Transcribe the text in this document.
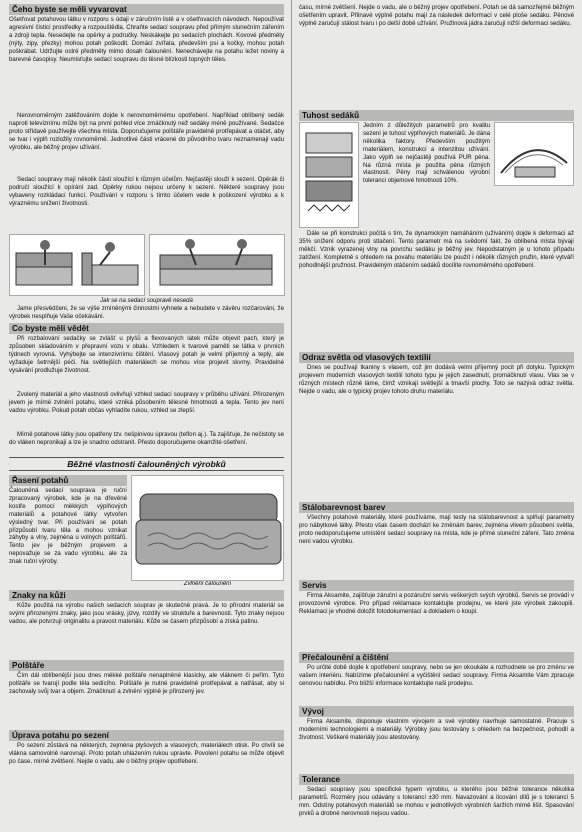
Čeho byste se měli vyvarovat

Ošetřovat potahovou látku v rozporu s údaji v záručním listě a v ošetřovacích návodech. Nepoužívat agresivní čisticí prostředky a rozpouštědla. Chraňte sedací soupravu před přímým slunečním zářením a zdroji tepla. Nesedejte na opěrky a područky. Neskákejte po sedacích plochách. Kovové předměty (nýty, zipy, přezky) mohou potah poškodit. Domácí zvířata, především psi a kočky, mohou potah poškrábat. Udržujte ostré předměty mimo dosah čalounění. Nenechávejte na potahu ležet noviny a barevné časopisy. Neumisťujte sedací soupravu do těsné blízkosti topných těles.

Nerovnoměrným zatěžováním dojde k nerovnoměrnému opotřebení. Například oblíbený sedák naproti televiznímu může být na první pohled více zmáčknutý než sedáky méně používané. Sedačce proto střídavě používejte všechna místa. Doporučujeme polštáře pravidelně protřepávat a otáčet, aby se tvar i výplň rozložily rovnoměrně. Jednotlivé části vrácené do původního tvaru neznamenají vadu výrobku, ale běžný projev užívání.

Sedací soupravy mají několik částí sloužící k různým účelům. Nejčastěji slouží k sezení. Opěrák či područí sloužící k opírání zad. Opěrky rukou nejsou určeny k sezení. Některé soupravy jsou vybaveny rozkládací funkcí. Používání v rozporu s tímto účelem vede k poškození výrobku a k výraznému snížení životnosti.

Jak se na sedací soupravě nesedá

Jame přesvědčeni, že se výše zmíněnými činnostmi vyhnete a nebudete v závěru rozčarováni, že výrobek nesplňuje Vaše očekávání.

Co byste měli vědět

Při rozbalování sedačky se zvlášť u plyšů a flexovaných látek může objevit pach, který je způsoben skladováním v přepravní vozu v obalu. Vzhledem k tvarové paměti se látka v prvních týdnech vyrovná. Vyhýbejte se intenzivnímu čištění. Vlasový potah je velmi příjemný a teplý, ale vyžaduje šetrnější péči. Na světlejších materiálech se mohou více projevit skvrny. Pravidelné vysávání prodlužuje životnost.

Zvolený materiál a jeho vlastnosti ovlivňují vzhled sedací soupravy v průběhu užívání. Přirozeným jevem je mírné zvlnění potahu, které vzniká působením tělesné hmotnosti a tepla. Tento jev není vadou výrobku. Pokud potah občas vyhladíte rukou, vzhled se zlepší.

Mírně potahové látky jsou opatřeny tzv. nešpinivou úpravou (teflon aj.). Ta zajišťuje, že nečistoty se do vláken nepronikají a lze je snadno odstranit. Přesto doporučujeme okamžité ošetření.

Běžné vlastnosti čalouněných výrobků
Řasení potahů

Čalouněná sedací souprava je ruční zpracovaný výrobek, kde je na dřevěné kostře pomocí měkkých výplňových materiálů a potahové látky vytvořen výsledný tvar. Při používání se potah přizpůsobí tvaru těla a mohou vznikat záhyby a vlny, zejména u volných polštářů. Tento jev je běžným projevem a nepovažuje se za vadu výrobku, ale za znak ruční výroby.

Zvlnění čalounění

Znaky na kůži

Kůže použitá na výrobu našich sedacích souprav je skutečně pravá. Je to přírodní materiál se svými přirozenými znaky, jako jsou vrásky, jizvy, rozdíly ve struktuře a barevnosti. Tyto znaky nejsou vadou, ale potvrzují originalitu a pravost materiálu. Kůže se časem přizpůsobí a získá patinu.

Polštáře

Čím dál oblíbenější jsou dnes měkké polštáře nenaplněné klasicky, ale vláknem či peřím. Tyto polštáře se tvarují podle těla sedícího. Polštáře je nutné pravidelně protřepávat a natřásat, aby si zachovaly svůj tvar a objem. Zmáčknutí a zvlnění výplně je přirozený jev.

Úprava potahu po sezení

Po sezení zůstává na některých, zejména plyšových a vlasových, materiálech otisk. Po chvíli se vlákna samovolně narovnají. Proto potah uhlazením rukou upravte. Povolení potahu se může objevit po čase, mírné zvětšení. Nejde o vadu, ale o běžný projev opotřebení.

času, mírné zvětšení. Nejde o vadu, ale o běžný projev opotřebení. Potah se dá samozřejmě běžným ošetřením upravit. Přilnavé výplně potahu mají za následek deformací v celé ploše sedáku. Pěnové výplně zaručují stálost tvaru i po delší době užívání. Pružinová jádra zaručují nižší deformaci sedáku.

Tuhost sedáků

Jedním z důležitých parametrů pro kvalitu sezení je tuhost výplňových materiálů. Je dána několika faktory. Především použitým materiálem, konstrukcí a intenzitou užívání. Jako výplň se nejčastěji používá PUR pěna. Na různá místa je použita pěna různých vlastností. Pěny mají schválenou výrobní toleranci objemové hmotnosti 10%.

Dále se při konstrukci počítá s tím, že dynamickým namáháním (užíváním) dojde k deformaci až 35% snížení odporu proti stlačení. Tento parametr má na svědomí fakt, že oblíbená místa bývají měkčí. Vznik vyrazenej vlny na povrchu sedáku je běžný jev. Nepodstatným je u tohoto případu zatížení. Kompletně s ohledem na povahu materiálu lze použít i několik různých pružin, které vytváří pohodlnější pružnost. Pravidelným otáčením sedáků docílíte rovnoměrného opotřebení.

Odraz světla od vlasových textilií

Dnes se používají tkaniny s vlasem, což jim dodává velmi příjemný pocit při dotyku. Typickým projevem moderních vlasových textilií tohoto typu je jejich zasednutí, promáčknutí vlasu. Vlas se v různých místech různě láme, čímž vznikají světlejší a tmavší plochy. Toto se nazývá odraz světla. Nejde o vadu, ale o typický projev tohoto druhu materiálu.

Stálobarevnost barev

Všechny potahové materiály, které používáme, mají testy na stálobarevnost a splňují parametry pro nábytkové látky. Přesto však časem dochází ke změnám barev, zejména vlivem působení světla, proto nedoporučujeme umístění sedací soupravy na místa, kde je přímé sluneční záření. Tato změna není vadou výrobku.

Servis

Firma Aksamite, zajišťuje záruční a pozáruční servis veškerých svých výrobků. Servis se provádí v provozovně výrobce. Pro případ reklamace kontaktujte prodejnu, ve které jste výrobek zakoupili. Reklamaci je vhodné doložit fotodokumentací a dokladem o koupi.

Přečalounění a čištění

Po určité době dojde k opotřebení soupravy, nebo se jen okoukáte a rozhodnete se pro změnu ve vašem interiéru. Nabízíme přečalounění a vyčištění sedací soupravy. Firma Aksamite Vám zpracuje cenovou nabídku. Pro bližší informace kontaktujte naši prodejnu.

Vývoj

Firma Aksamite, disponuje vlastním vývojem a své výrobky navrhuje samostatně. Pracuje s moderními technologiemi a materiály. Výrobky jsou testovány s ohledem na bezpečnost, pohodlí a životnost. Veškeré materiály jsou atestovány.

Tolerance

Sedací soupravy jsou specifické typem výrobku, u kterého jsou běžné tolerance několika parametrů. Rozměry jsou udávány s tolerancí ±30 mm. Navazování a lícování dílů je s tolerancí 5 mm. Odstíny potahových materiálů se mohou v jednotlivých výrobních šaržích mírně lišit. Spasování prvků a drobné nerovnosti nejsou vadou.
